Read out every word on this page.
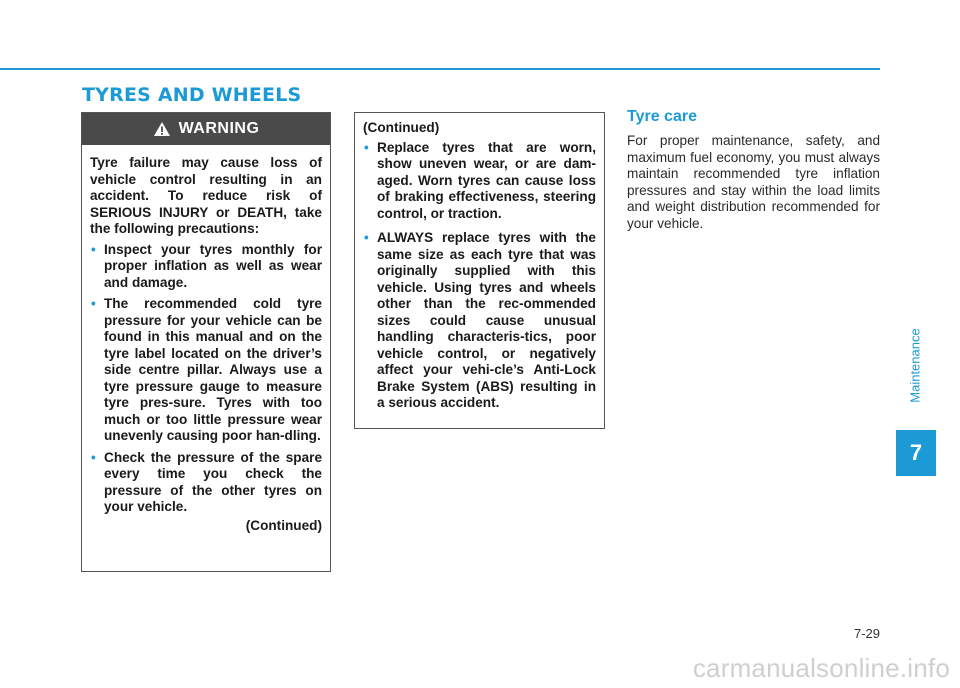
TYRES AND WHEELS
WARNING

Tyre failure may cause loss of vehicle control resulting in an accident. To reduce risk of SERIOUS INJURY or DEATH, take the following precautions:

• Inspect your tyres monthly for proper inflation as well as wear and damage.
• The recommended cold tyre pressure for your vehicle can be found in this manual and on the tyre label located on the driver’s side centre pillar. Always use a tyre pressure gauge to measure tyre pres-sure. Tyres with too much or too little pressure wear unevenly causing poor han-dling.
• Check the pressure of the spare every time you check the pressure of the other tyres on your vehicle.
(Continued)

(Continued)

• Replace tyres that are worn, show uneven wear, or are dam-aged. Worn tyres can cause loss of braking effectiveness, steering control, or traction.
• ALWAYS replace tyres with the same size as each tyre that was originally supplied with this vehicle. Using tyres and wheels other than the rec-ommended sizes could cause unusual handling characteris-tics, poor vehicle control, or negatively affect your vehi-cle’s Anti-Lock Brake System (ABS) resulting in a serious accident.
Tyre care

For proper maintenance, safety, and maximum fuel economy, you must always maintain recommended tyre inflation pressures and stay within the load limits and weight distribution recommended for your vehicle.

Maintenance
7
7-29
carmanualsonline.info
